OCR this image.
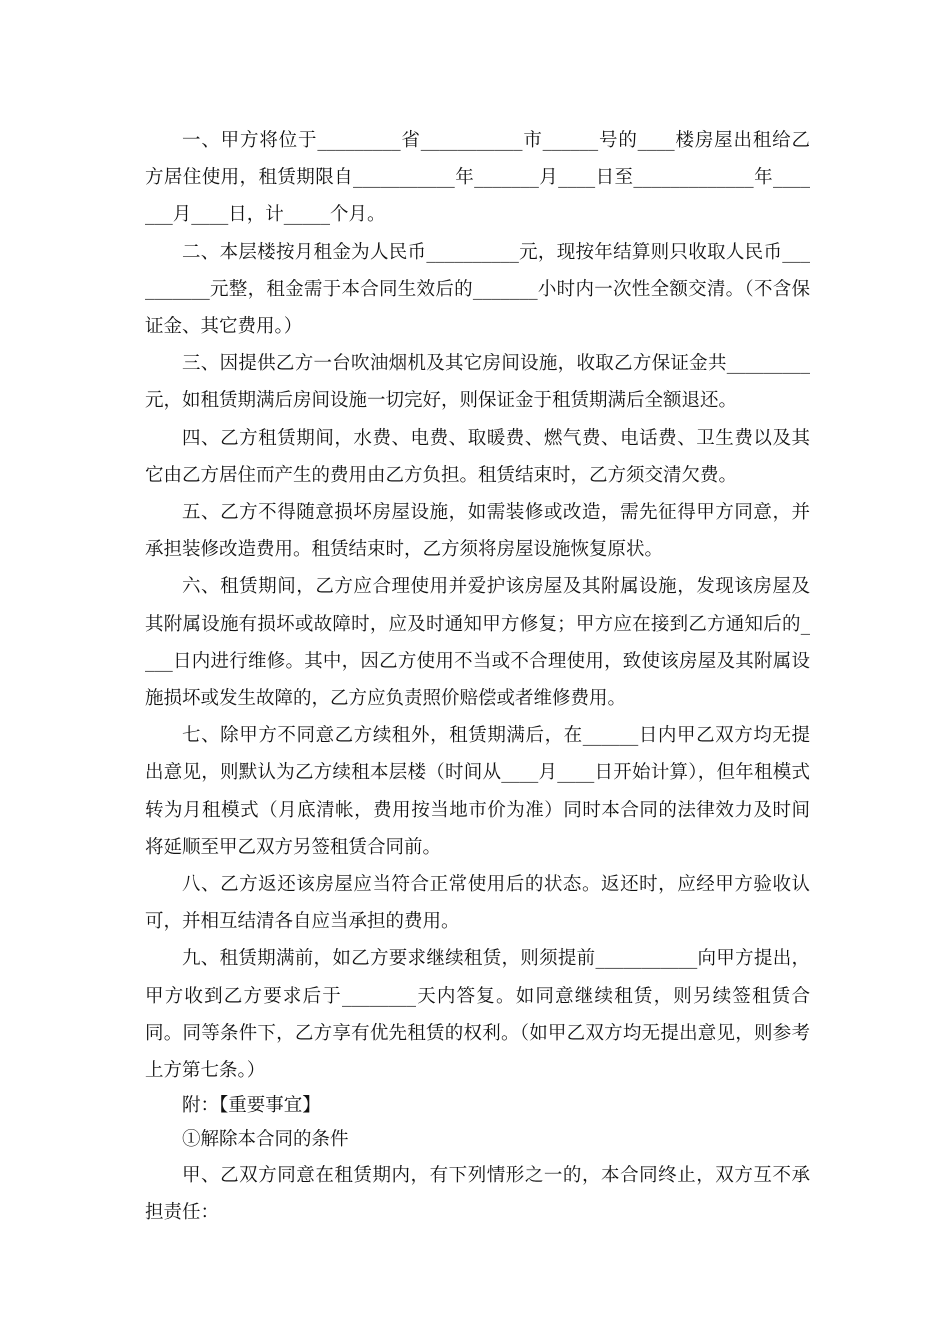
一、甲方将位于_________省___________市______号的____楼房屋出租给乙方居住使用，租赁期限自___________年_______月____日至_____________年_______月____日，计_____个月。

二、本层楼按月租金为人民币__________元，现按年结算则只收取人民币__________元整，租金需于本合同生效后的_______小时内一次性全额交清。（不含保证金、其它费用。）

三、因提供乙方一台吹油烟机及其它房间设施，收取乙方保证金共_________元，如租赁期满后房间设施一切完好，则保证金于租赁期满后全额退还。

四、乙方租赁期间，水费、电费、取暖费、燃气费、电话费、卫生费以及其它由乙方居住而产生的费用由乙方负担。租赁结束时，乙方须交清欠费。

五、乙方不得随意损坏房屋设施，如需装修或改造，需先征得甲方同意，并承担装修改造费用。租赁结束时，乙方须将房屋设施恢复原状。

六、租赁期间，乙方应合理使用并爱护该房屋及其附属设施，发现该房屋及其附属设施有损坏或故障时，应及时通知甲方修复；甲方应在接到乙方通知后的____日内进行维修。其中，因乙方使用不当或不合理使用，致使该房屋及其附属设施损坏或发生故障的，乙方应负责照价赔偿或者维修费用。

七、除甲方不同意乙方续租外，租赁期满后，在______日内甲乙双方均无提出意见，则默认为乙方续租本层楼（时间从____月____日开始计算），但年租模式转为月租模式（月底清帐，费用按当地市价为准）同时本合同的法律效力及时间将延顺至甲乙双方另签租赁合同前。

八、乙方返还该房屋应当符合正常使用后的状态。返还时，应经甲方验收认可，并相互结清各自应当承担的费用。

九、租赁期满前，如乙方要求继续租赁，则须提前___________向甲方提出，甲方收到乙方要求后于________天内答复。如同意继续租赁，则另续签租赁合同。同等条件下，乙方享有优先租赁的权利。（如甲乙双方均无提出意见，则参考上方第七条。）

附：【重要事宜】

①解除本合同的条件

甲、乙双方同意在租赁期内，有下列情形之一的，本合同终止，双方互不承担责任：
